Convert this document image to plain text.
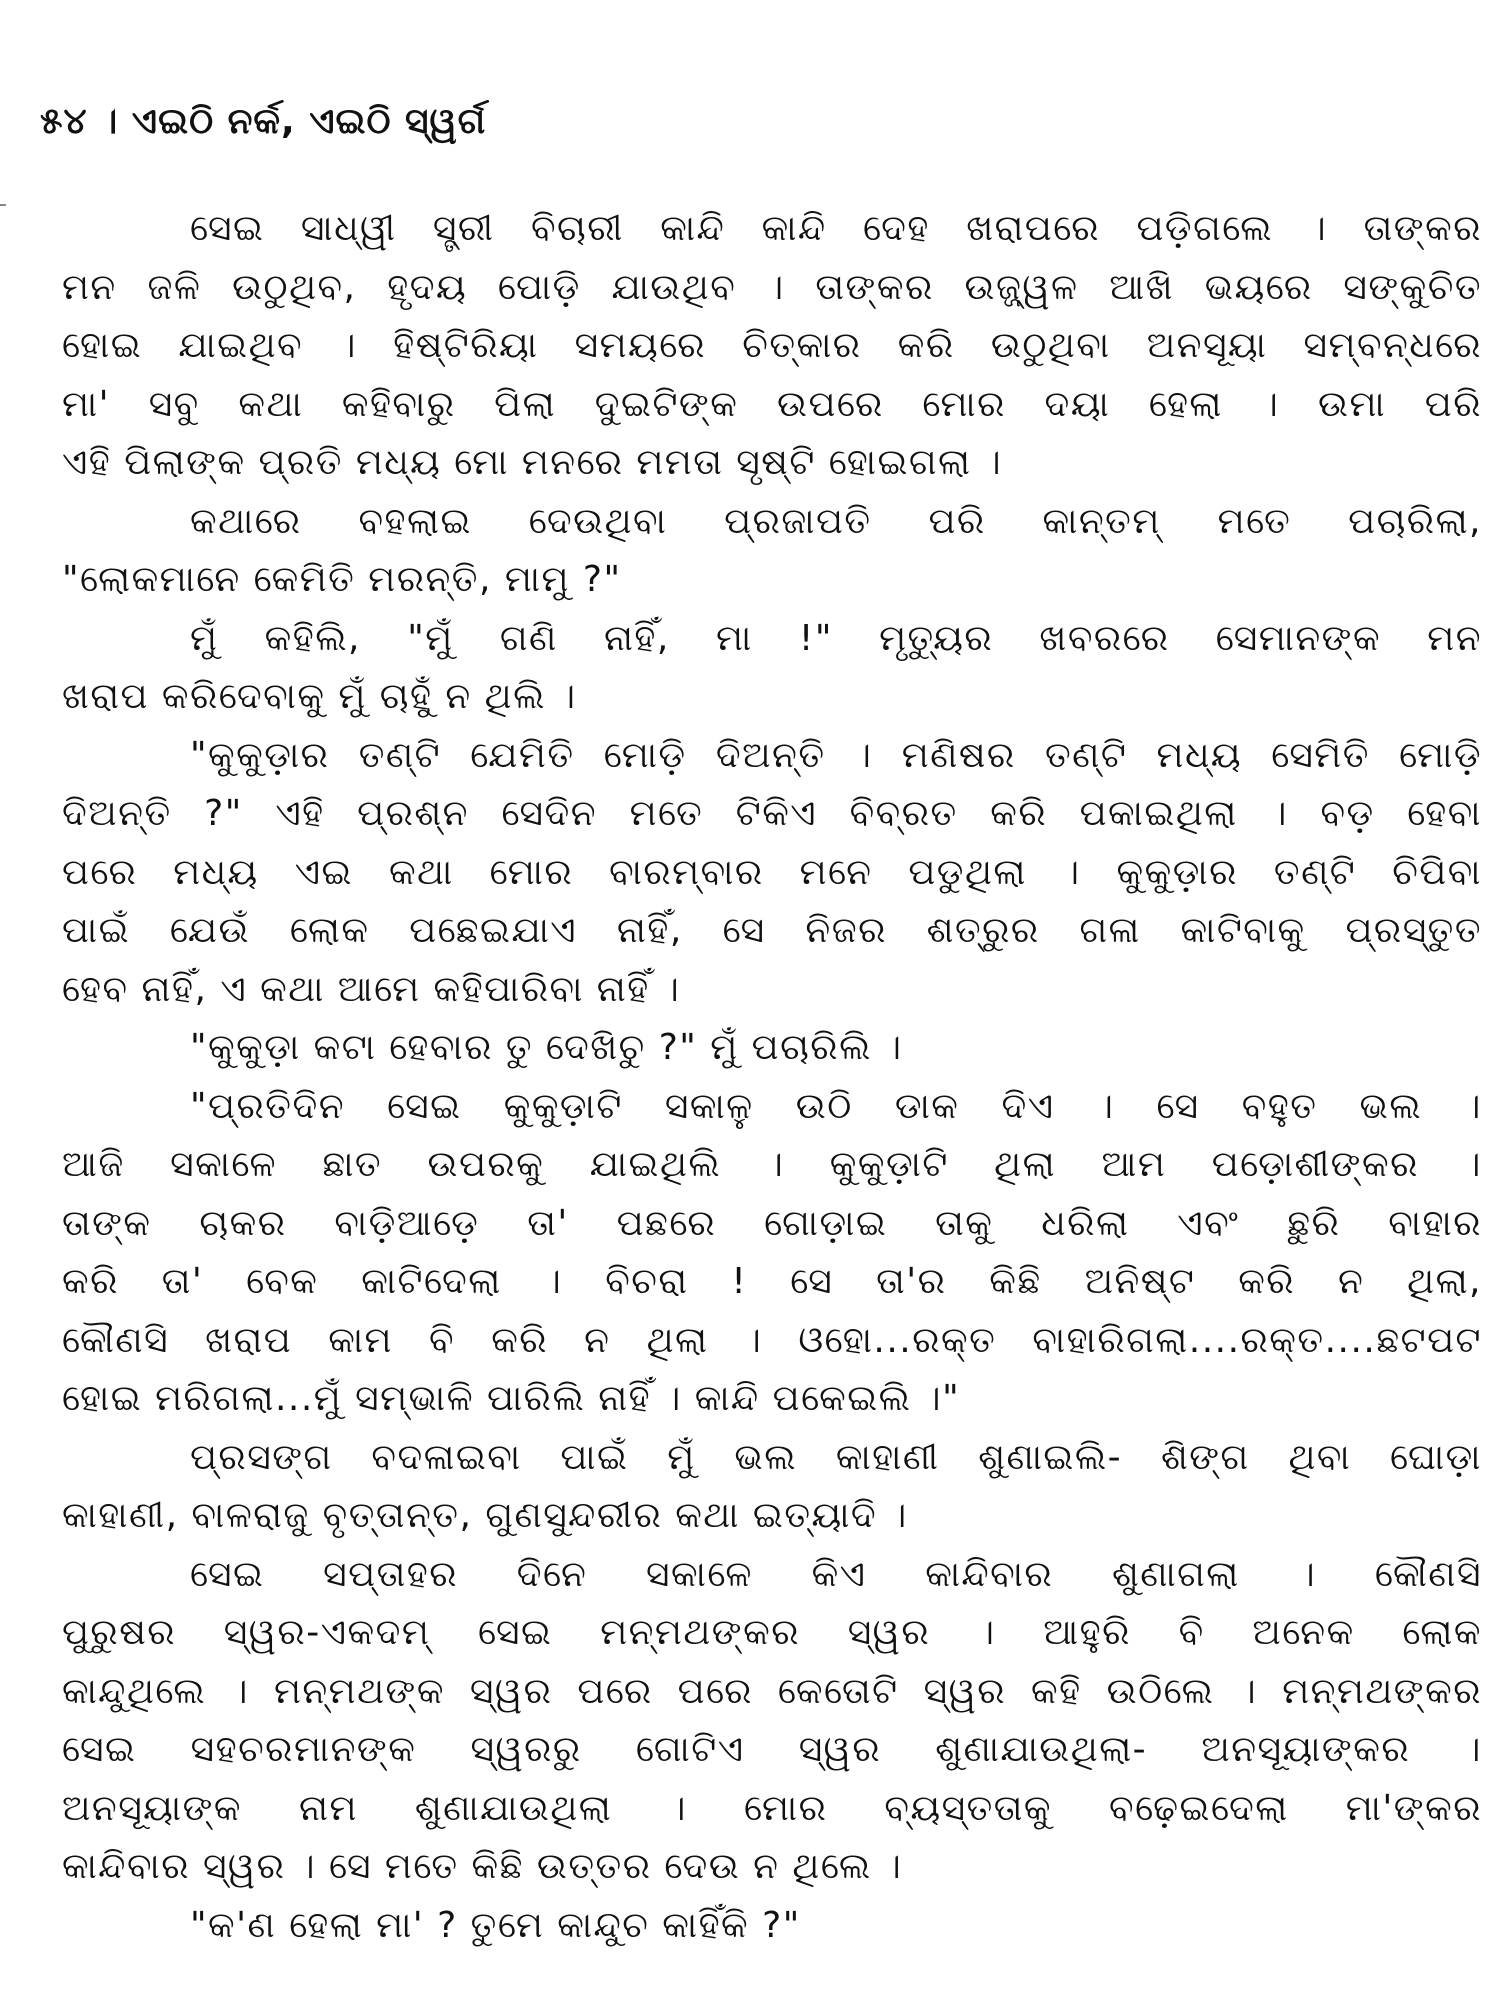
୫୪ । ଏଇଠି ନର୍କ, ଏଇଠି ସ୍ୱର୍ଗ
ସେଇ ସାଧ୍ୱୀ ସ୍ତ୍ରୀ ବିଚାରୀ କାନ୍ଦି କାନ୍ଦି ଦେହ ଖରାପରେ ପଡ଼ିଗଲେ । ତାଙ୍କର
ମନ ଜଳି ଉଠୁଥିବ, ହୃଦୟ ପୋଡ଼ି ଯାଉଥିବ । ତାଙ୍କର ଉଜ୍ଜ୍ୱଳ ଆଖି ଭୟରେ ସଙ୍କୁଚିତ
ହୋଇ ଯାଇଥିବ । ହିଷ୍ଟିରିୟା ସମୟରେ ଚିତ୍କାର କରି ଉଠୁଥିବା ଅନସୂୟା ସମ୍ବନ୍ଧରେ
ମା' ସବୁ କଥା କହିବାରୁ ପିଲା ଦୁଇଟିଙ୍କ ଉପରେ ମୋର ଦୟା ହେଲା । ଉମା ପରି
ଏହି ପିଲାଙ୍କ ପ୍ରତି ମଧ୍ୟ ମୋ ମନରେ ମମତା ସୃଷ୍ଟି ହୋଇଗଲା ।
କଥାରେ ବହଲାଇ ଦେଉଥିବା ପ୍ରଜାପତି ପରି କାନ୍ତମ୍ ମତେ ପଚାରିଲା,
"ଲୋକମାନେ କେମିତି ମରନ୍ତି, ମାମୁ ?"
ମୁଁ କହିଲି, "ମୁଁ ଗଣି ନାହିଁ, ମା !" ମୃତ୍ୟୁର ଖବରରେ ସେମାନଙ୍କ ମନ
ଖରାପ କରିଦେବାକୁ ମୁଁ ଚାହୁଁ ନ ଥିଲି ।
"କୁକୁଡ଼ାର ତଣ୍ଟି ଯେମିତି ମୋଡ଼ି ଦିଅନ୍ତି । ମଣିଷର ତଣ୍ଟି ମଧ୍ୟ ସେମିତି ମୋଡ଼ି
ଦିଅନ୍ତି ?" ଏହି ପ୍ରଶ୍ନ ସେଦିନ ମତେ ଟିକିଏ ବିବ୍ରତ କରି ପକାଇଥିଲା । ବଡ଼ ହେବା
ପରେ ମଧ୍ୟ ଏଇ କଥା ମୋର ବାରମ୍ବାର ମନେ ପଡୁଥିଲା । କୁକୁଡ଼ାର ତଣ୍ଟି ଚିପିବା
ପାଇଁ ଯେଉଁ ଲୋକ ପଛେଇଯାଏ ନାହିଁ, ସେ ନିଜର ଶତ୍ରୁର ଗଳା କାଟିବାକୁ ପ୍ରସ୍ତୁତ
ହେବ ନାହିଁ, ଏ କଥା ଆମେ କହିପାରିବା ନାହିଁ ।
"କୁକୁଡ଼ା କଟା ହେବାର ତୁ ଦେଖିଚୁ ?" ମୁଁ ପଚାରିଲି ।
"ପ୍ରତିଦିନ ସେଇ କୁକୁଡ଼ାଟି ସକାଳୁ ଉଠି ଡାକ ଦିଏ । ସେ ବହୁତ ଭଲ ।
ଆଜି ସକାଳେ ଛାତ ଉପରକୁ ଯାଇଥିଲି । କୁକୁଡ଼ାଟି ଥିଲା ଆମ ପଡ଼ୋଶୀଙ୍କର ।
ତାଙ୍କ ଚାକର ବାଡ଼ିଆଡ଼େ ତା' ପଛରେ ଗୋଡ଼ାଇ ତାକୁ ଧରିଲା ଏବଂ ଛୁରି ବାହାର
କରି ତା' ବେକ କାଟିଦେଲା । ବିଚରା ! ସେ ତା'ର କିଛି ଅନିଷ୍ଟ କରି ନ ଥିଲା,
କୌଣସି ଖରାପ କାମ ବି କରି ନ ଥିଲା । ଓହୋ...ରକ୍ତ ବାହାରିଗଲା....ରକ୍ତ....ଛଟପଟ
ହୋଇ ମରିଗଲା...ମୁଁ ସମ୍ଭାଳି ପାରିଲି ନାହିଁ । କାନ୍ଦି ପକେଇଲି ।"
ପ୍ରସଙ୍ଗ ବଦଳାଇବା ପାଇଁ ମୁଁ ଭଲ କାହାଣୀ ଶୁଣାଇଲି- ଶିଙ୍ଗ ଥିବା ଘୋଡ଼ା
କାହାଣୀ, ବାଳରାଜୁ ବୃତ୍ତାନ୍ତ, ଗୁଣସୁନ୍ଦରୀର କଥା ଇତ୍ୟାଦି ।
ସେଇ ସପ୍ତାହର ଦିନେ ସକାଳେ କିଏ କାନ୍ଦିବାର ଶୁଣାଗଲା । କୌଣସି
ପୁରୁଷର ସ୍ୱର-ଏକଦମ୍ ସେଇ ମନ୍ମଥଙ୍କର ସ୍ୱର । ଆହୁରି ବି ଅନେକ ଲୋକ
କାନ୍ଦୁଥିଲେ । ମନ୍ମଥଙ୍କ ସ୍ୱର ପରେ ପରେ କେତୋଟି ସ୍ୱର କହି ଉଠିଲେ । ମନ୍ମଥଙ୍କର
ସେଇ ସହଚରମାନଙ୍କ ସ୍ୱରରୁ ଗୋଟିଏ ସ୍ୱର ଶୁଣାଯାଉଥିଲା- ଅନସୂୟାଙ୍କର ।
ଅନସୂୟାଙ୍କ ନାମ ଶୁଣାଯାଉଥିଲା । ମୋର ବ୍ୟସ୍ତତାକୁ ବଢ଼େଇଦେଲା ମା'ଙ୍କର
କାନ୍ଦିବାର ସ୍ୱର । ସେ ମତେ କିଛି ଉତ୍ତର ଦେଉ ନ ଥିଲେ ।
"କ'ଣ ହେଲା ମା' ? ତୁମେ କାନ୍ଦୁଚ କାହିଁକି ?"
